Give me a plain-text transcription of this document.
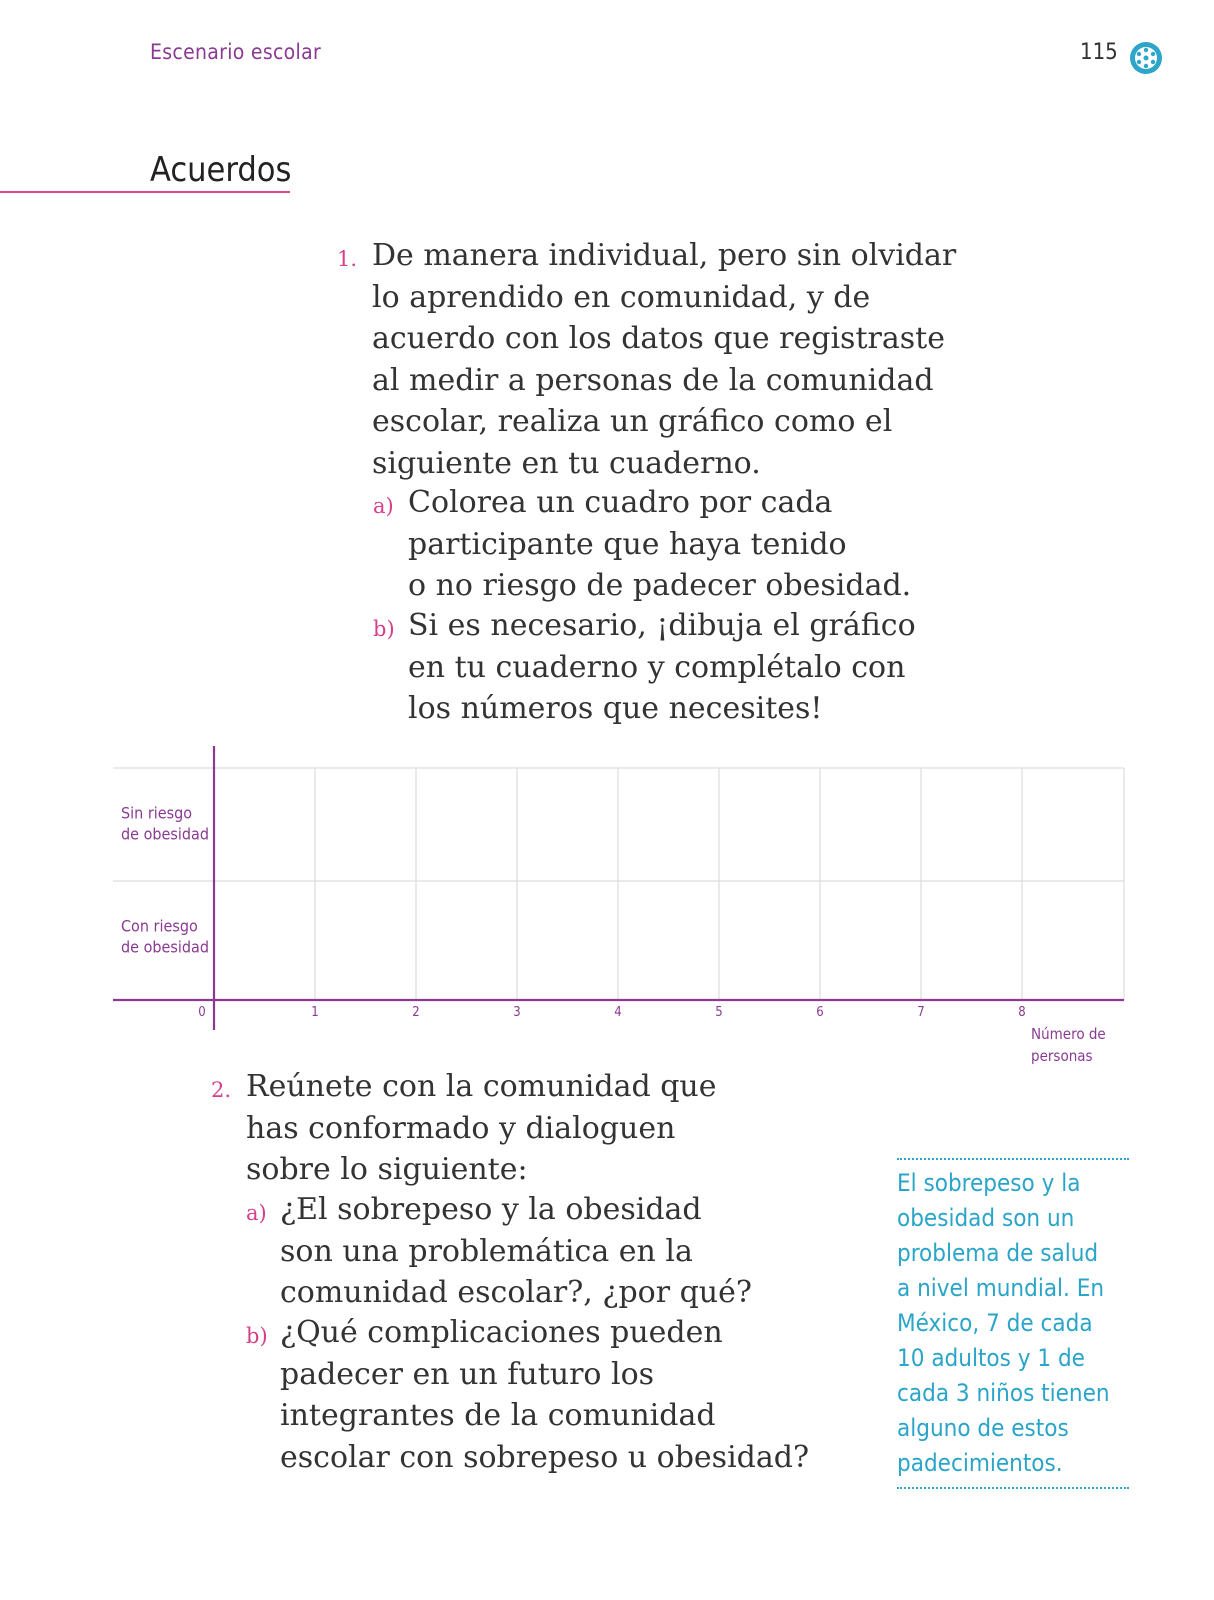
Escenario escolar	115
Acuerdos
1. De manera individual, pero sin olvidar
lo aprendido en comunidad, y de
acuerdo con los datos que registraste
al medir a personas de la comunidad
escolar, realiza un gráfico como el
siguiente en tu cuaderno.
a) Colorea un cuadro por cada
participante que haya tenido
o no riesgo de padecer obesidad.
b) Si es necesario, ¡dibuja el gráfico
en tu cuaderno y complétalo con
los números que necesites!
0	1	2	3	4	5	6	7	8
Sin riesgo
de obesidad
Con riesgo
de obesidad
Número de
personas
2. Reúnete con la comunidad que
has conformado y dialoguen
sobre lo siguiente:
a) ¿El sobrepeso y la obesidad
son una problemática en la
comunidad escolar?, ¿por qué?
b) ¿Qué complicaciones pueden
padecer en un futuro los
integrantes de la comunidad
escolar con sobrepeso u obesidad?
El sobrepeso y la
obesidad son un
problema de salud
a nivel mundial. En
México, 7 de cada
10 adultos y 1 de
cada 3 niños tienen
alguno de estos
padecimientos.
